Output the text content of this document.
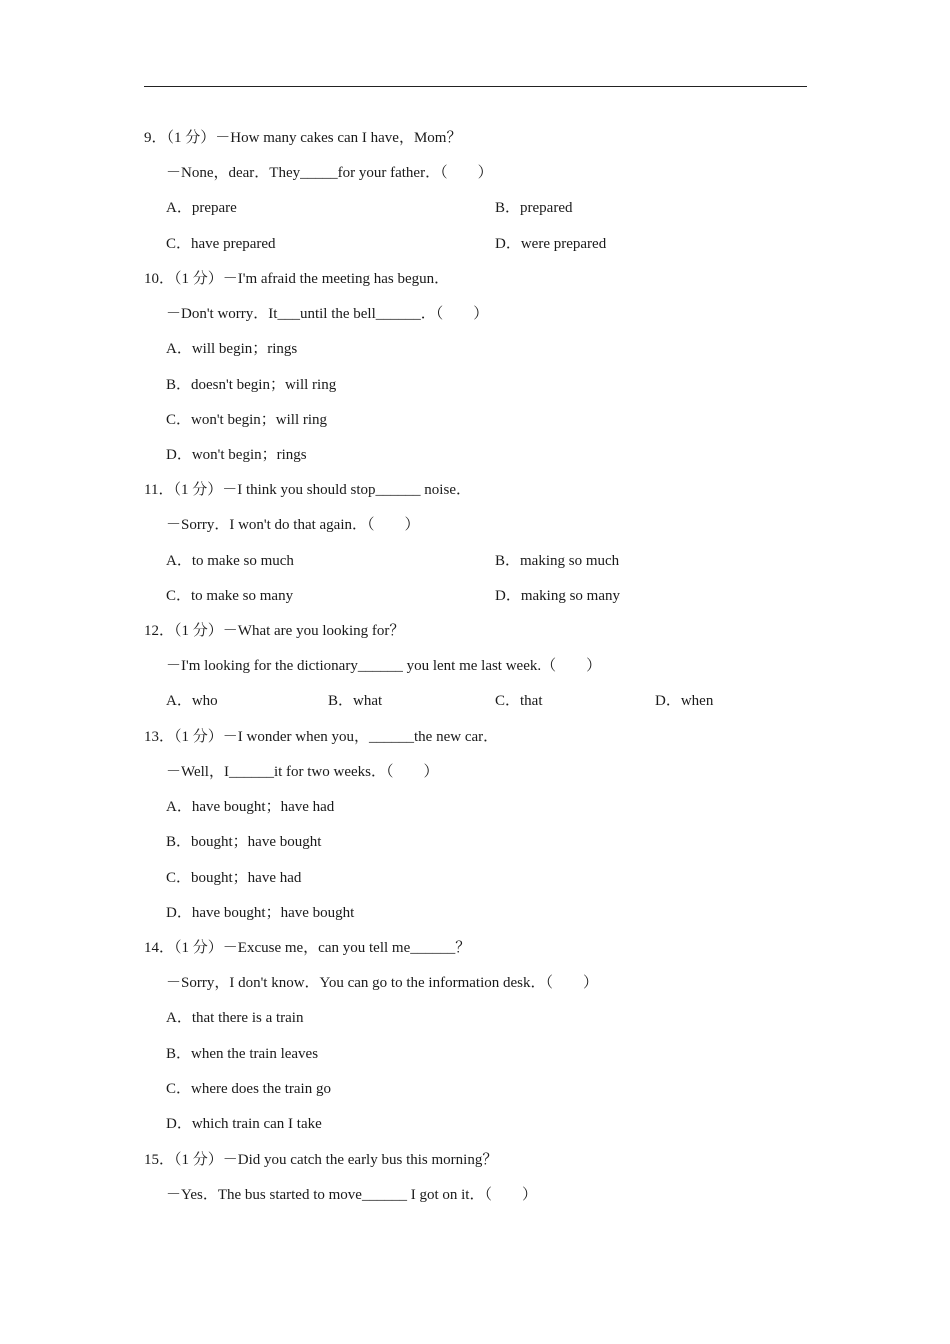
9．（1 分）－How many cakes can I have，Mom？
－None，dear．They_____for your father．（　　）
A．prepare	B．prepared
C．have prepared	D．were prepared
10．（1 分）－I'm afraid the meeting has begun．
－Don't worry．It___until the bell______．（　　）
A．will begin；rings
B．doesn't begin；will ring
C．won't begin；will ring
D．won't begin；rings
11．（1 分）－I think you should stop______ noise．
－Sorry．I won't do that again．（　　）
A．to make so much	B．making so much
C．to make so many	D．making so many
12．（1 分）－What are you looking for？
－I'm looking for the dictionary______ you lent me last week.（　　）
A．who	B．what	C．that	D．when
13．（1 分）－I wonder when you，______the new car．
－Well，I______it for two weeks．（　　）
A．have bought；have had
B．bought；have bought
C．bought；have had
D．have bought；have bought
14．（1 分）－Excuse me，can you tell me______？
－Sorry，I don't know．You can go to the information desk．（　　）
A．that there is a train
B．when the train leaves
C．where does the train go
D．which train can I take
15．（1 分）－Did you catch the early bus this morning？
－Yes．The bus started to move______ I got on it．（　　）
